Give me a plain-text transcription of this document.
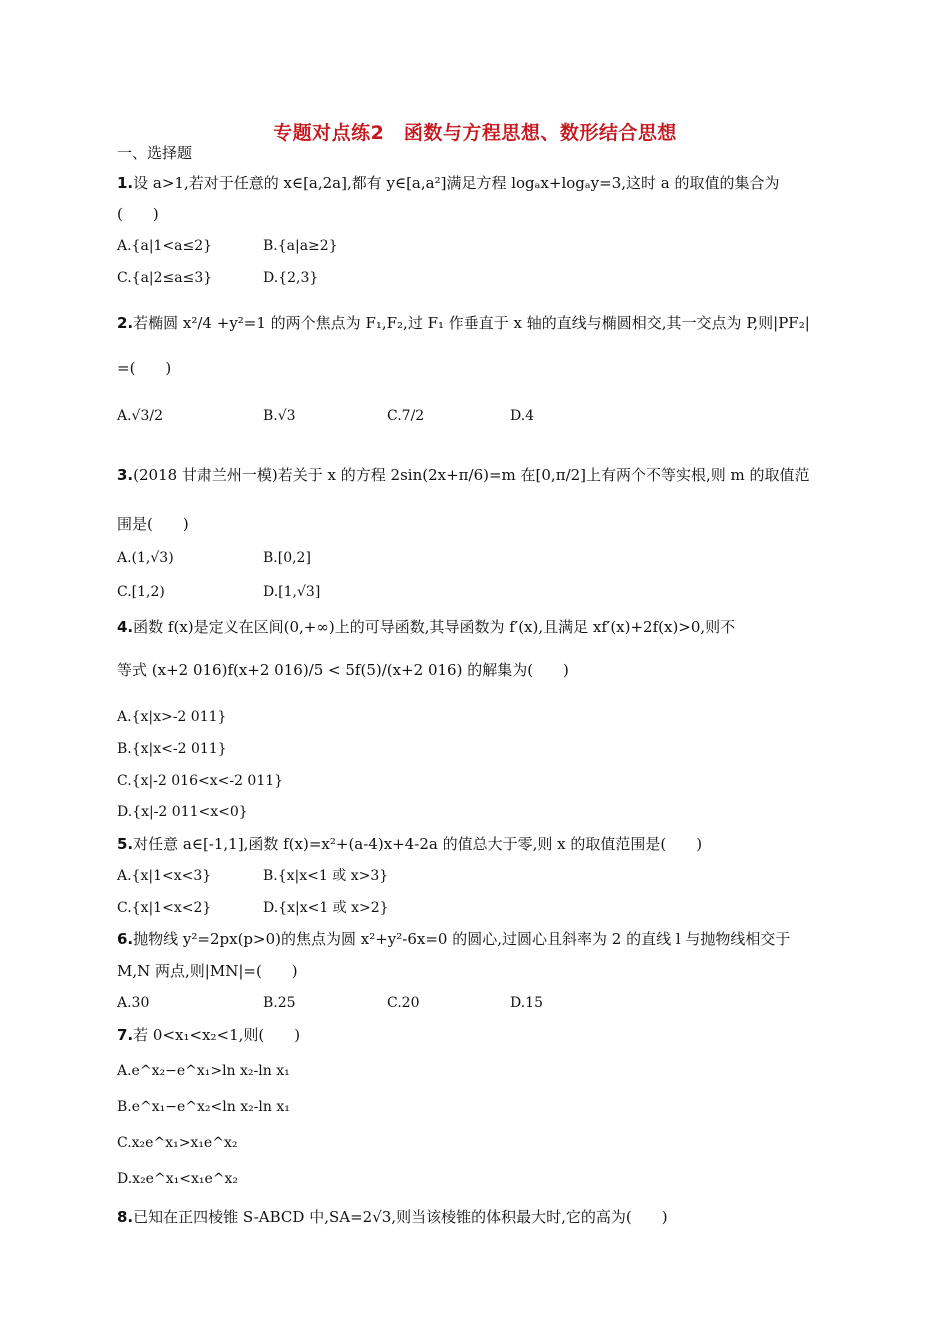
专题对点练2　函数与方程思想、数形结合思想
一、选择题
1.设 a>1,若对于任意的 x∈[a,2a],都有 y∈[a,a²]满足方程 logₐx+logₐy=3,这时 a 的取值的集合为
(　　)
A.{a|1<a≤2}	B.{a|a≥2}
C.{a|2≤a≤3}	D.{2,3}
2.若椭圆 x²/4 +y²=1 的两个焦点为 F₁,F₂,过 F₁ 作垂直于 x 轴的直线与椭圆相交,其一交点为 P,则|PF₂|
=(　　)
A.√3/2	B.√3	C.7/2	D.4
3.(2018 甘肃兰州一模)若关于 x 的方程 2sin(2x+π/6)=m 在[0,π/2]上有两个不等实根,则 m 的取值范
围是(　　)
A.(1,√3)	B.[0,2]
C.[1,2)	D.[1,√3]
4.函数 f(x)是定义在区间(0,+∞)上的可导函数,其导函数为 f′(x),且满足 xf′(x)+2f(x)>0,则不
等式 (x+2 016)f(x+2 016)/5 < 5f(5)/(x+2 016) 的解集为(　　)
A.{x|x>-2 011}
B.{x|x<-2 011}
C.{x|-2 016<x<-2 011}
D.{x|-2 011<x<0}
5.对任意 a∈[-1,1],函数 f(x)=x²+(a-4)x+4-2a 的值总大于零,则 x 的取值范围是(　　)
A.{x|1<x<3}	B.{x|x<1 或 x>3}
C.{x|1<x<2}	D.{x|x<1 或 x>2}
6.抛物线 y²=2px(p>0)的焦点为圆 x²+y²-6x=0 的圆心,过圆心且斜率为 2 的直线 l 与抛物线相交于
M,N 两点,则|MN|=(　　)
A.30	B.25	C.20	D.15
7.若 0<x₁<x₂<1,则(　　)
A.e^x₂−e^x₁>ln x₂-ln x₁
B.e^x₁−e^x₂<ln x₂-ln x₁
C.x₂e^x₁>x₁e^x₂
D.x₂e^x₁<x₁e^x₂
8.已知在正四棱锥 S-ABCD 中,SA=2√3,则当该棱锥的体积最大时,它的高为(　　)
